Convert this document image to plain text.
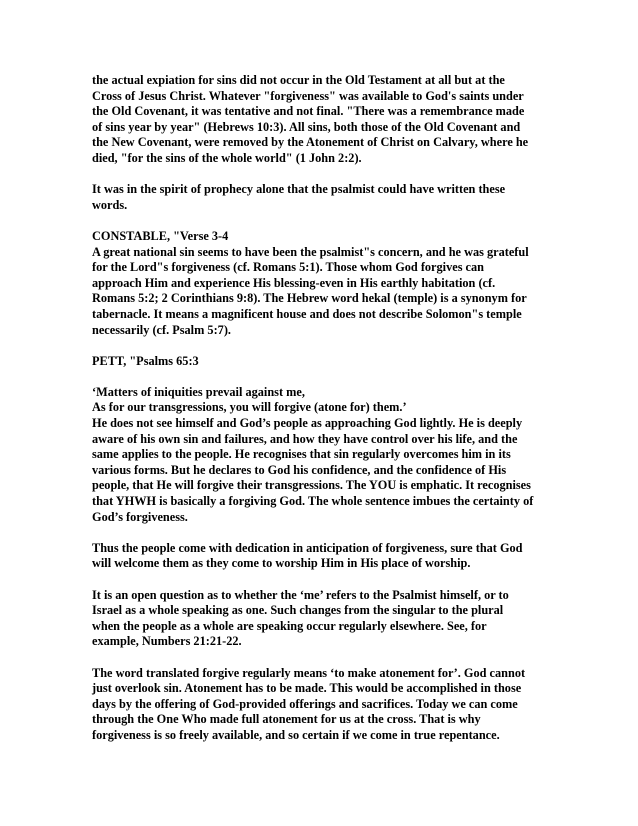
the actual expiation for sins did not occur in the Old Testament at all but at the
Cross of Jesus Christ. Whatever "forgiveness" was available to God's saints under
the Old Covenant, it was tentative and not final. "There was a remembrance made
of sins year by year" (Hebrews 10:3). All sins, both those of the Old Covenant and
the New Covenant, were removed by the Atonement of Christ on Calvary, where he
died, "for the sins of the whole world" (1 John 2:2).

It was in the spirit of prophecy alone that the psalmist could have written these
words.

CONSTABLE, "Verse 3-4
A great national sin seems to have been the psalmist"s concern, and he was grateful
for the Lord"s forgiveness (cf. Romans 5:1). Those whom God forgives can
approach Him and experience His blessing-even in His earthly habitation (cf.
Romans 5:2; 2 Corinthians 9:8). The Hebrew word hekal (temple) is a synonym for
tabernacle. It means a magnificent house and does not describe Solomon"s temple
necessarily (cf. Psalm 5:7).

PETT, "Psalms 65:3

‘Matters of iniquities prevail against me,
As for our transgressions, you will forgive (atone for) them.’
He does not see himself and God’s people as approaching God lightly. He is deeply
aware of his own sin and failures, and how they have control over his life, and the
same applies to the people. He recognises that sin regularly overcomes him in its
various forms. But he declares to God his confidence, and the confidence of His
people, that He will forgive their transgressions. The YOU is emphatic. It recognises
that YHWH is basically a forgiving God. The whole sentence imbues the certainty of
God’s forgiveness.

Thus the people come with dedication in anticipation of forgiveness, sure that God
will welcome them as they come to worship Him in His place of worship.

It is an open question as to whether the ‘me’ refers to the Psalmist himself, or to
Israel as a whole speaking as one. Such changes from the singular to the plural
when the people as a whole are speaking occur regularly elsewhere. See, for
example, Numbers 21:21-22.

The word translated forgive regularly means ‘to make atonement for’. God cannot
just overlook sin. Atonement has to be made. This would be accomplished in those
days by the offering of God-provided offerings and sacrifices. Today we can come
through the One Who made full atonement for us at the cross. That is why
forgiveness is so freely available, and so certain if we come in true repentance.
